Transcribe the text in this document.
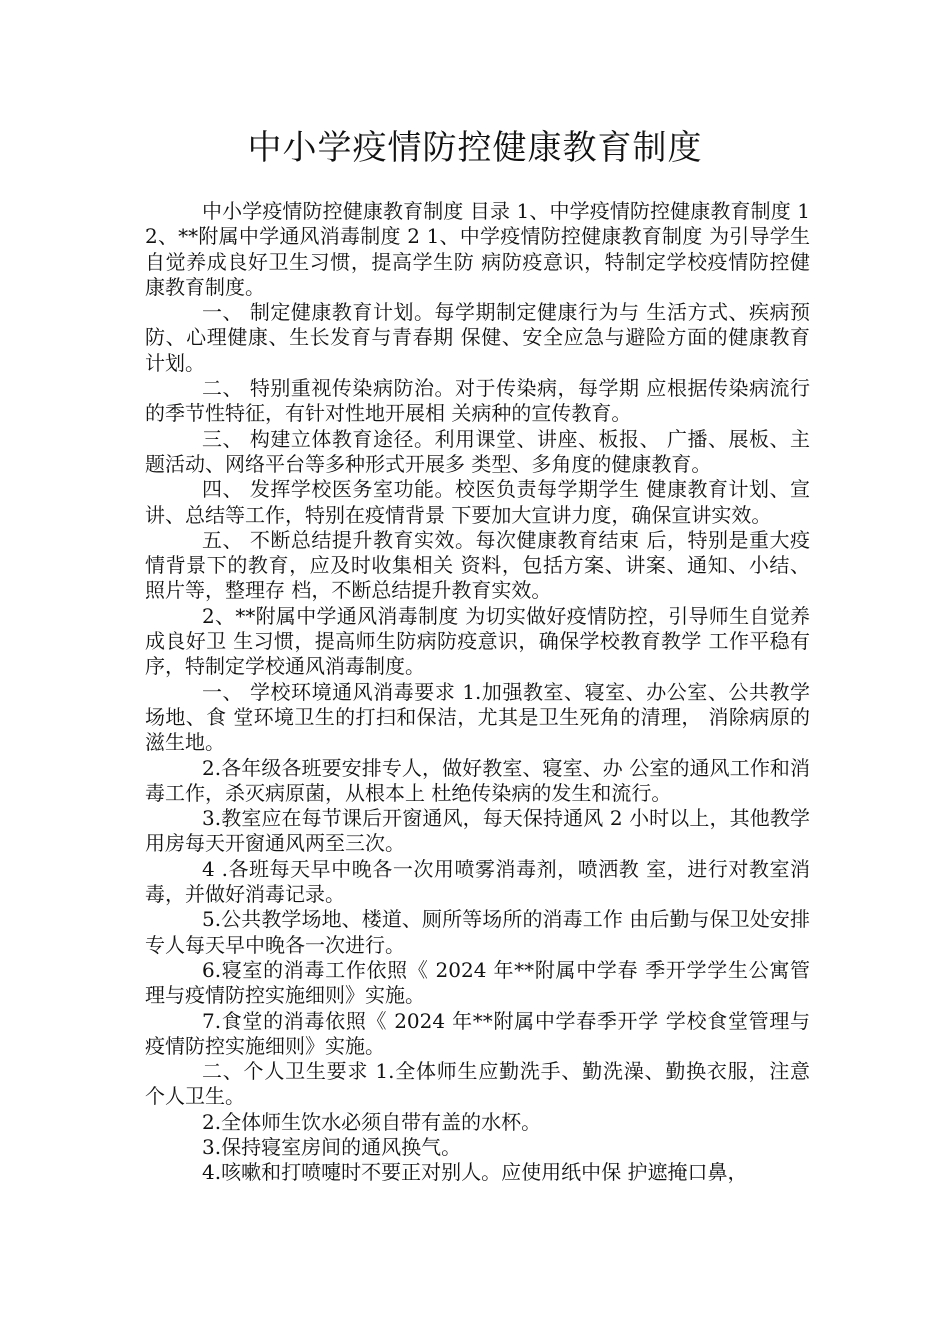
中小学疫情防控健康教育制度

中小学疫情防控健康教育制度 目录 1、中学疫情防控健康教育制度 1 2、**附属中学通风消毒制度 2 1、中学疫情防控健康教育制度 为引导学生自觉养成良好卫生习惯，提高学生防 病防疫意识，特制定学校疫情防控健康教育制度。

一、 制定健康教育计划。每学期制定健康行为与 生活方式、疾病预防、心理健康、生长发育与青春期 保健、安全应急与避险方面的健康教育计划。

二、 特别重视传染病防治。对于传染病，每学期 应根据传染病流行的季节性特征，有针对性地开展相 关病种的宣传教育。

三、 构建立体教育途径。利用课堂、讲座、板报、 广播、展板、主题活动、网络平台等多种形式开展多 类型、多角度的健康教育。

四、 发挥学校医务室功能。校医负责每学期学生 健康教育计划、宣讲、总结等工作，特别在疫情背景 下要加大宣讲力度，确保宣讲实效。

五、 不断总结提升教育实效。每次健康教育结束 后，特别是重大疫情背景下的教育，应及时收集相关 资料，包括方案、讲案、通知、小结、照片等，整理存 档，不断总结提升教育实效。

2、**附属中学通风消毒制度 为切实做好疫情防控，引导师生自觉养成良好卫 生习惯，提高师生防病防疫意识，确保学校教育教学 工作平稳有序，特制定学校通风消毒制度。

一、 学校环境通风消毒要求 1.加强教室、寝室、办公室、公共教学场地、食 堂环境卫生的打扫和保洁，尤其是卫生死角的清理， 消除病原的滋生地。

2.各年级各班要安排专人，做好教室、寝室、办 公室的通风工作和消毒工作，杀灭病原菌，从根本上 杜绝传染病的发生和流行。

3.教室应在每节课后开窗通风，每天保持通风 2 小时以上，其他教学用房每天开窗通风两至三次。

4 .各班每天早中晚各一次用喷雾消毒剂，喷洒教 室，进行对教室消毒，并做好消毒记录。

5.公共教学场地、楼道、厕所等场所的消毒工作 由后勤与保卫处安排专人每天早中晚各一次进行。

6.寝室的消毒工作依照《 2024 年**附属中学春 季开学学生公寓管理与疫情防控实施细则》实施。

7.食堂的消毒依照《 2024 年**附属中学春季开学 学校食堂管理与疫情防控实施细则》实施。

二、个人卫生要求 1.全体师生应勤洗手、勤洗澡、勤换衣服，注意 个人卫生。

2.全体师生饮水必须自带有盖的水杯。

3.保持寝室房间的通风换气。

4.咳嗽和打喷嚏时不要正对别人。应使用纸中保 护遮掩口鼻，
